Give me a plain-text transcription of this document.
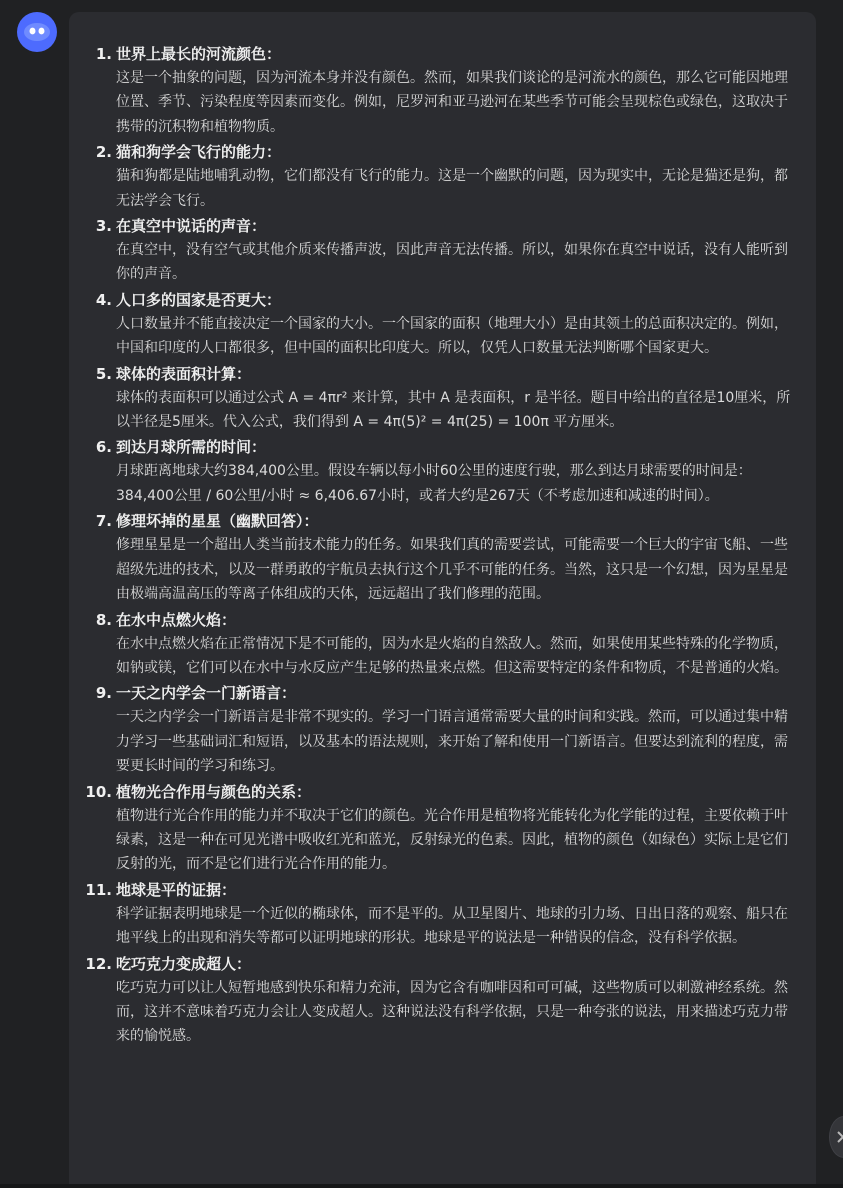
1. 世界上最长的河流颜色：
这是一个抽象的问题，因为河流本身并没有颜色。然而，如果我们谈论的是河流水的颜色，那么它可能因地理位置、季节、污染程度等因素而变化。例如，尼罗河和亚马逊河在某些季节可能会呈现棕色或绿色，这取决于携带的沉积物和植物物质。
2. 猫和狗学会飞行的能力：
猫和狗都是陆地哺乳动物，它们都没有飞行的能力。这是一个幽默的问题，因为现实中，无论是猫还是狗，都无法学会飞行。
3. 在真空中说话的声音：
在真空中，没有空气或其他介质来传播声波，因此声音无法传播。所以，如果你在真空中说话，没有人能听到你的声音。
4. 人口多的国家是否更大：
人口数量并不能直接决定一个国家的大小。一个国家的面积（地理大小）是由其领土的总面积决定的。例如，中国和印度的人口都很多，但中国的面积比印度大。所以，仅凭人口数量无法判断哪个国家更大。
5. 球体的表面积计算：
球体的表面积可以通过公式 A = 4πr² 来计算，其中 A 是表面积，r 是半径。题目中给出的直径是10厘米，所以半径是5厘米。代入公式，我们得到 A = 4π(5)² = 4π(25) = 100π 平方厘米。
6. 到达月球所需的时间：
月球距离地球大约384,400公里。假设车辆以每小时60公里的速度行驶，那么到达月球需要的时间是：384,400公里 / 60公里/小时 ≈ 6,406.67小时，或者大约是267天（不考虑加速和减速的时间）。
7. 修理坏掉的星星（幽默回答）：
修理星星是一个超出人类当前技术能力的任务。如果我们真的需要尝试，可能需要一个巨大的宇宙飞船、一些超级先进的技术，以及一群勇敢的宇航员去执行这个几乎不可能的任务。当然，这只是一个幻想，因为星星是由极端高温高压的等离子体组成的天体，远远超出了我们修理的范围。
8. 在水中点燃火焰：
在水中点燃火焰在正常情况下是不可能的，因为水是火焰的自然敌人。然而，如果使用某些特殊的化学物质，如钠或镁，它们可以在水中与水反应产生足够的热量来点燃。但这需要特定的条件和物质，不是普通的火焰。
9. 一天之内学会一门新语言：
一天之内学会一门新语言是非常不现实的。学习一门语言通常需要大量的时间和实践。然而，可以通过集中精力学习一些基础词汇和短语，以及基本的语法规则，来开始了解和使用一门新语言。但要达到流利的程度，需要更长时间的学习和练习。
10. 植物光合作用与颜色的关系：
植物进行光合作用的能力并不取决于它们的颜色。光合作用是植物将光能转化为化学能的过程，主要依赖于叶绿素，这是一种在可见光谱中吸收红光和蓝光，反射绿光的色素。因此，植物的颜色（如绿色）实际上是它们反射的光，而不是它们进行光合作用的能力。
11. 地球是平的证据：
科学证据表明地球是一个近似的椭球体，而不是平的。从卫星图片、地球的引力场、日出日落的观察、船只在地平线上的出现和消失等都可以证明地球的形状。地球是平的说法是一种错误的信念，没有科学依据。
12. 吃巧克力变成超人：
吃巧克力可以让人短暂地感到快乐和精力充沛，因为它含有咖啡因和可可碱，这些物质可以刺激神经系统。然而，这并不意味着巧克力会让人变成超人。这种说法没有科学依据，只是一种夸张的说法，用来描述巧克力带来的愉悦感。
